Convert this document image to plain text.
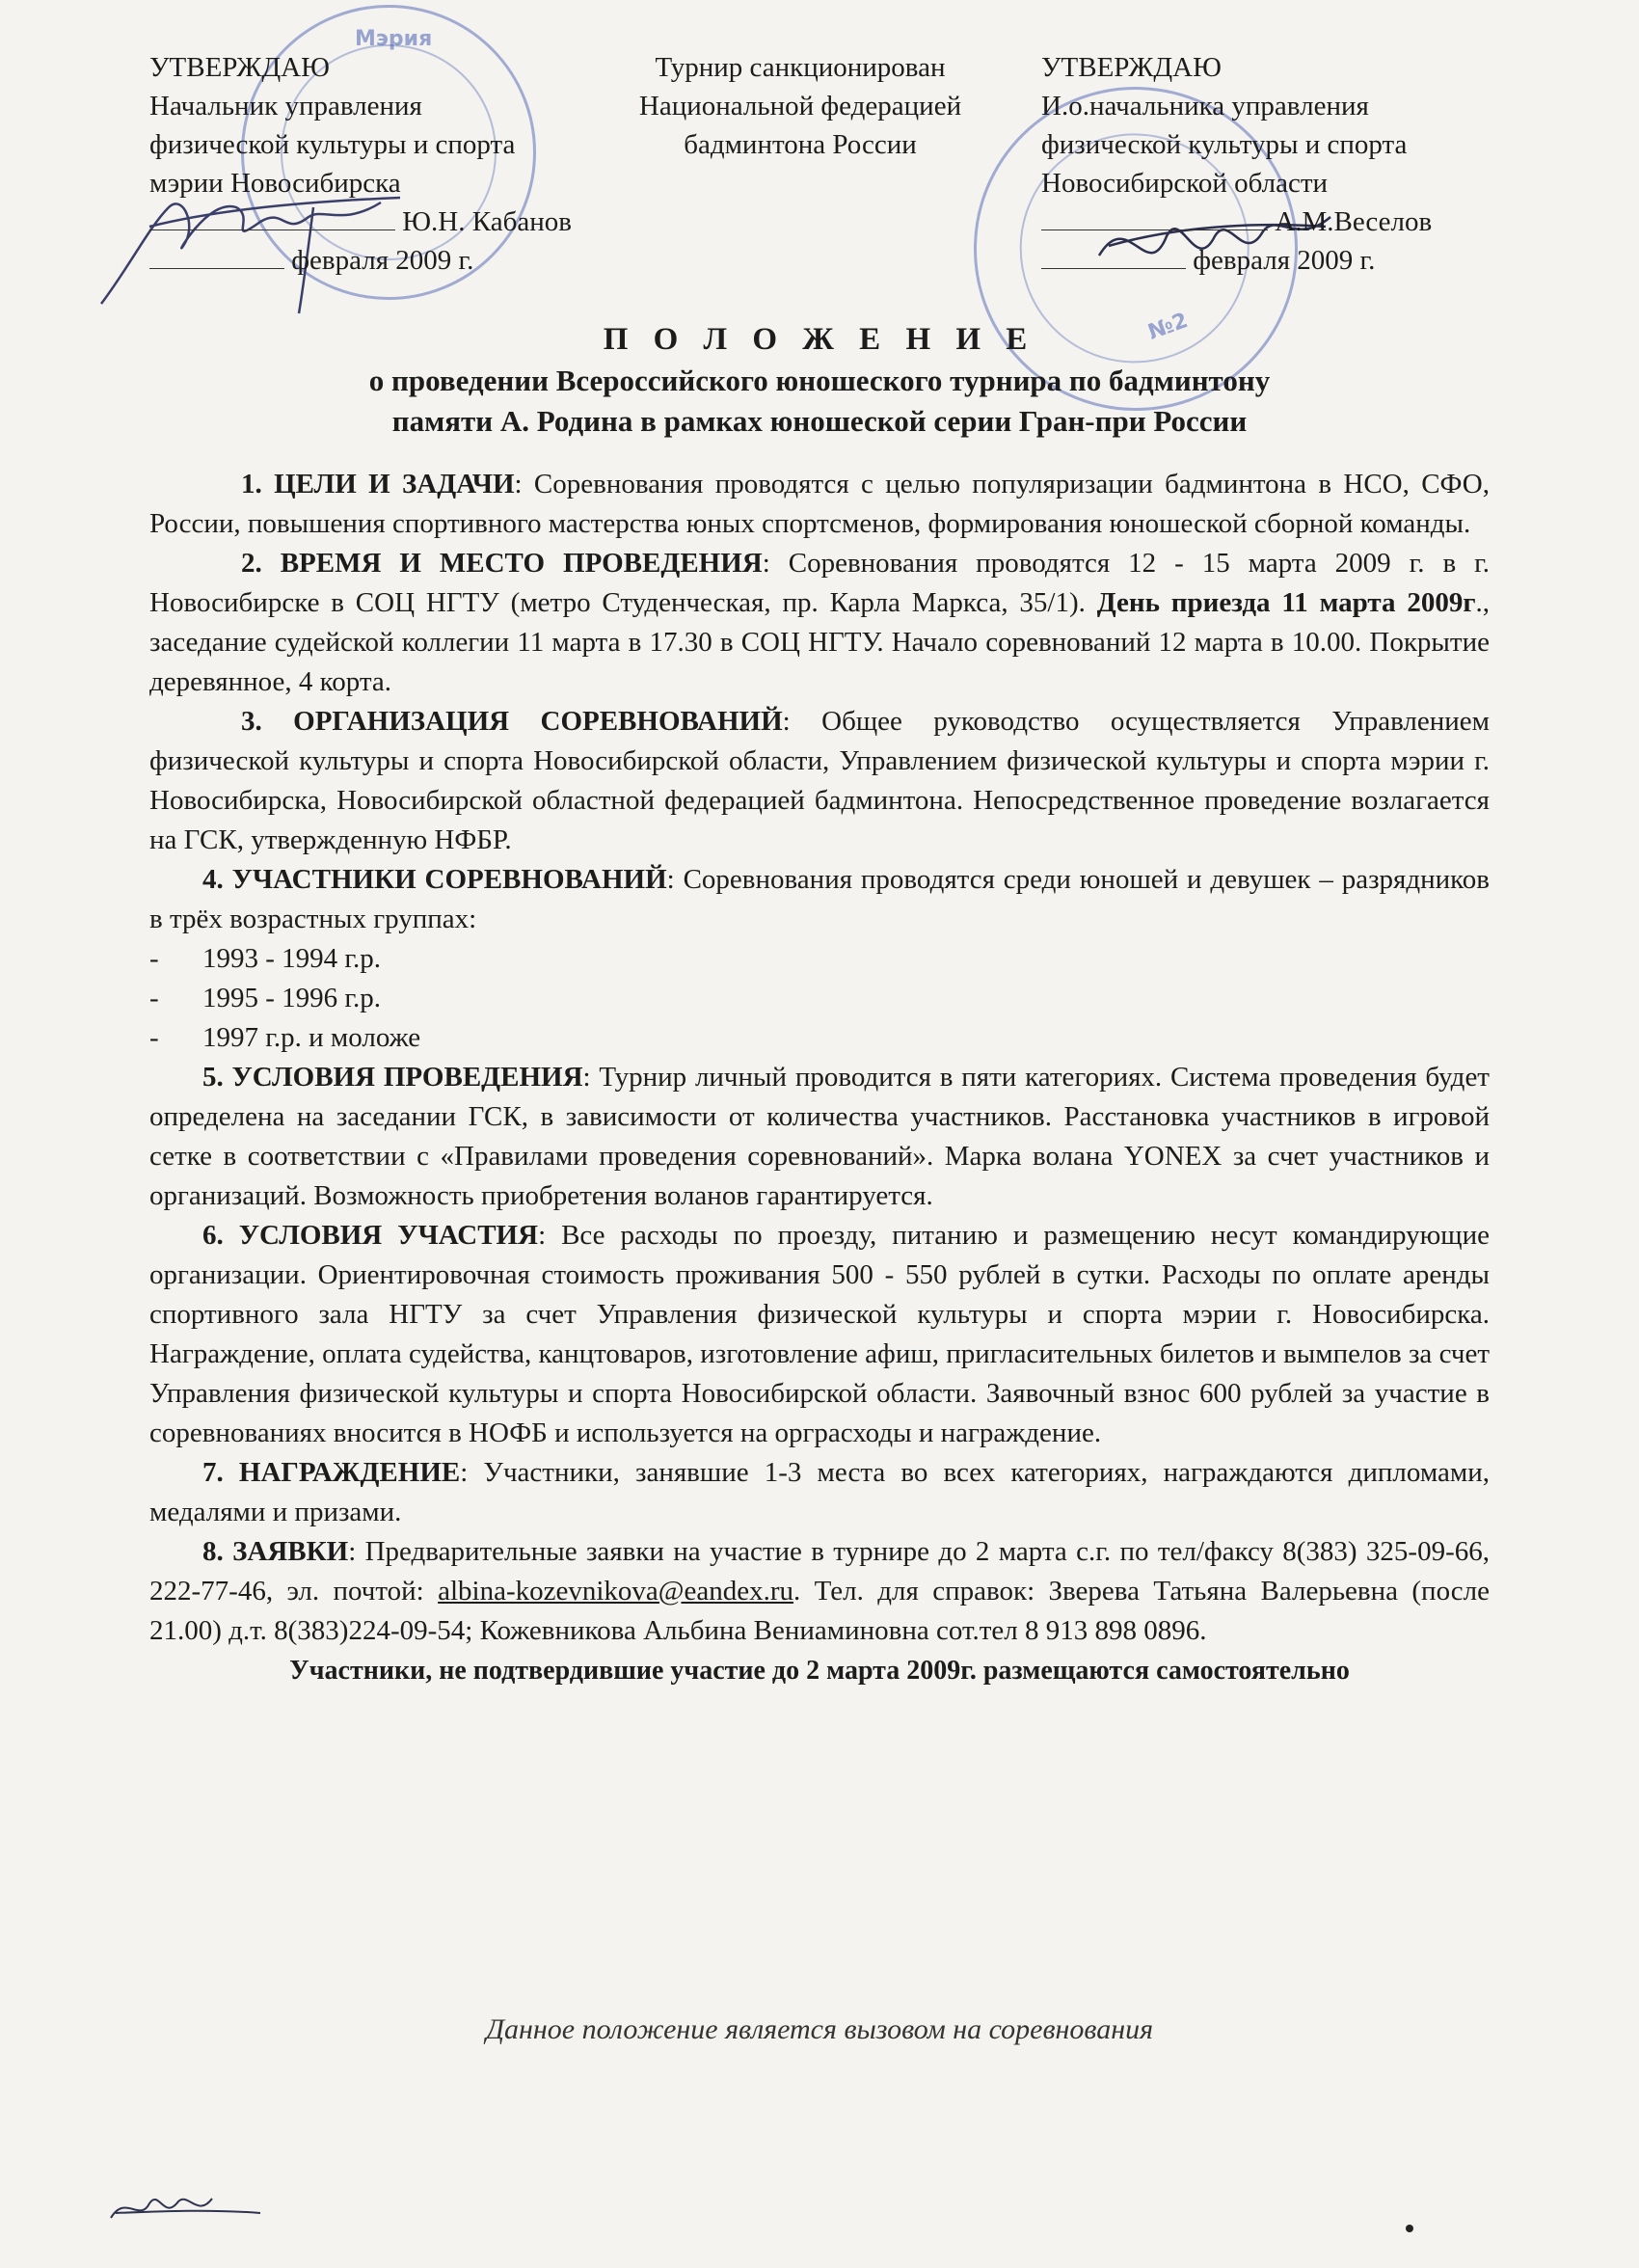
Мэрия
№2
УТВЕРЖДАЮ
Начальник управления
физической культуры и спорта
мэрии Новосибирска
Ю.Н. Кабанов
февраля 2009 г.
Турнир санкционирован
Национальной федерацией
бадминтона России
УТВЕРЖДАЮ
И.о.начальника управления
физической культуры и спорта
Новосибирской области
А.М.Веселов
февраля 2009 г.
П О Л О Ж Е Н И Е
о проведении Всероссийского юношеского турнира по бадминтону
памяти А. Родина в рамках юношеской серии Гран-при России

1. ЦЕЛИ И ЗАДАЧИ: Соревнования проводятся с целью популяризации бадминтона в НСО, СФО, России, повышения спортивного мастерства юных спортсменов, формирования юношеской сборной команды.

2. ВРЕМЯ И МЕСТО ПРОВЕДЕНИЯ: Соревнования проводятся 12 - 15 марта 2009 г. в г. Новосибирске в СОЦ НГТУ (метро Студенческая, пр. Карла Маркса, 35/1). День приезда 11 марта 2009г., заседание судейской коллегии 11 марта в 17.30 в СОЦ НГТУ. Начало соревнований 12 марта в 10.00. Покрытие деревянное, 4 корта.

3. ОРГАНИЗАЦИЯ СОРЕВНОВАНИЙ: Общее руководство осуществляется Управлением физической культуры и спорта Новосибирской области, Управлением физической культуры и спорта мэрии г. Новосибирска, Новосибирской областной федерацией бадминтона. Непосредственное проведение возлагается на ГСК, утвержденную НФБР.

4. УЧАСТНИКИ СОРЕВНОВАНИЙ: Соревнования проводятся среди юношей и девушек – разрядников в трёх возрастных группах:

-	1993 - 1994 г.р.
-	1995 - 1996 г.р.
-	1997 г.р. и моложе

5. УСЛОВИЯ ПРОВЕДЕНИЯ: Турнир личный проводится в пяти категориях. Система проведения будет определена на заседании ГСК, в зависимости от количества участников. Расстановка участников в игровой сетке в соответствии с «Правилами проведения соревнований». Марка волана YONEX за счет участников и организаций. Возможность приобретения воланов гарантируется.

6. УСЛОВИЯ УЧАСТИЯ: Все расходы по проезду, питанию и размещению несут командирующие организации. Ориентировочная стоимость проживания 500 - 550 рублей в сутки. Расходы по оплате аренды спортивного зала НГТУ за счет Управления физической культуры и спорта мэрии г. Новосибирска. Награждение, оплата судейства, канцтоваров, изготовление афиш, пригласительных билетов и вымпелов за счет Управления физической культуры и спорта Новосибирской области. Заявочный взнос 600 рублей за участие в соревнованиях вносится в НОФБ и используется на орграсходы и награждение.

7. НАГРАЖДЕНИЕ: Участники, занявшие 1-3 места во всех категориях, награждаются дипломами, медалями и призами.

8. ЗАЯВКИ: Предварительные заявки на участие в турнире до 2 марта с.г. по тел/факсу 8(383) 325-09-66, 222-77-46, эл. почтой: albina-kozevnikova@eandex.ru. Тел. для справок: Зверева Татьяна Валерьевна (после 21.00) д.т. 8(383)224-09-54; Кожевникова Альбина Вениаминовна сот.тел 8 913 898 0896.

Участники, не подтвердившие участие до 2 марта 2009г. размещаются самостоятельно

Данное положение является вызовом на соревнования
